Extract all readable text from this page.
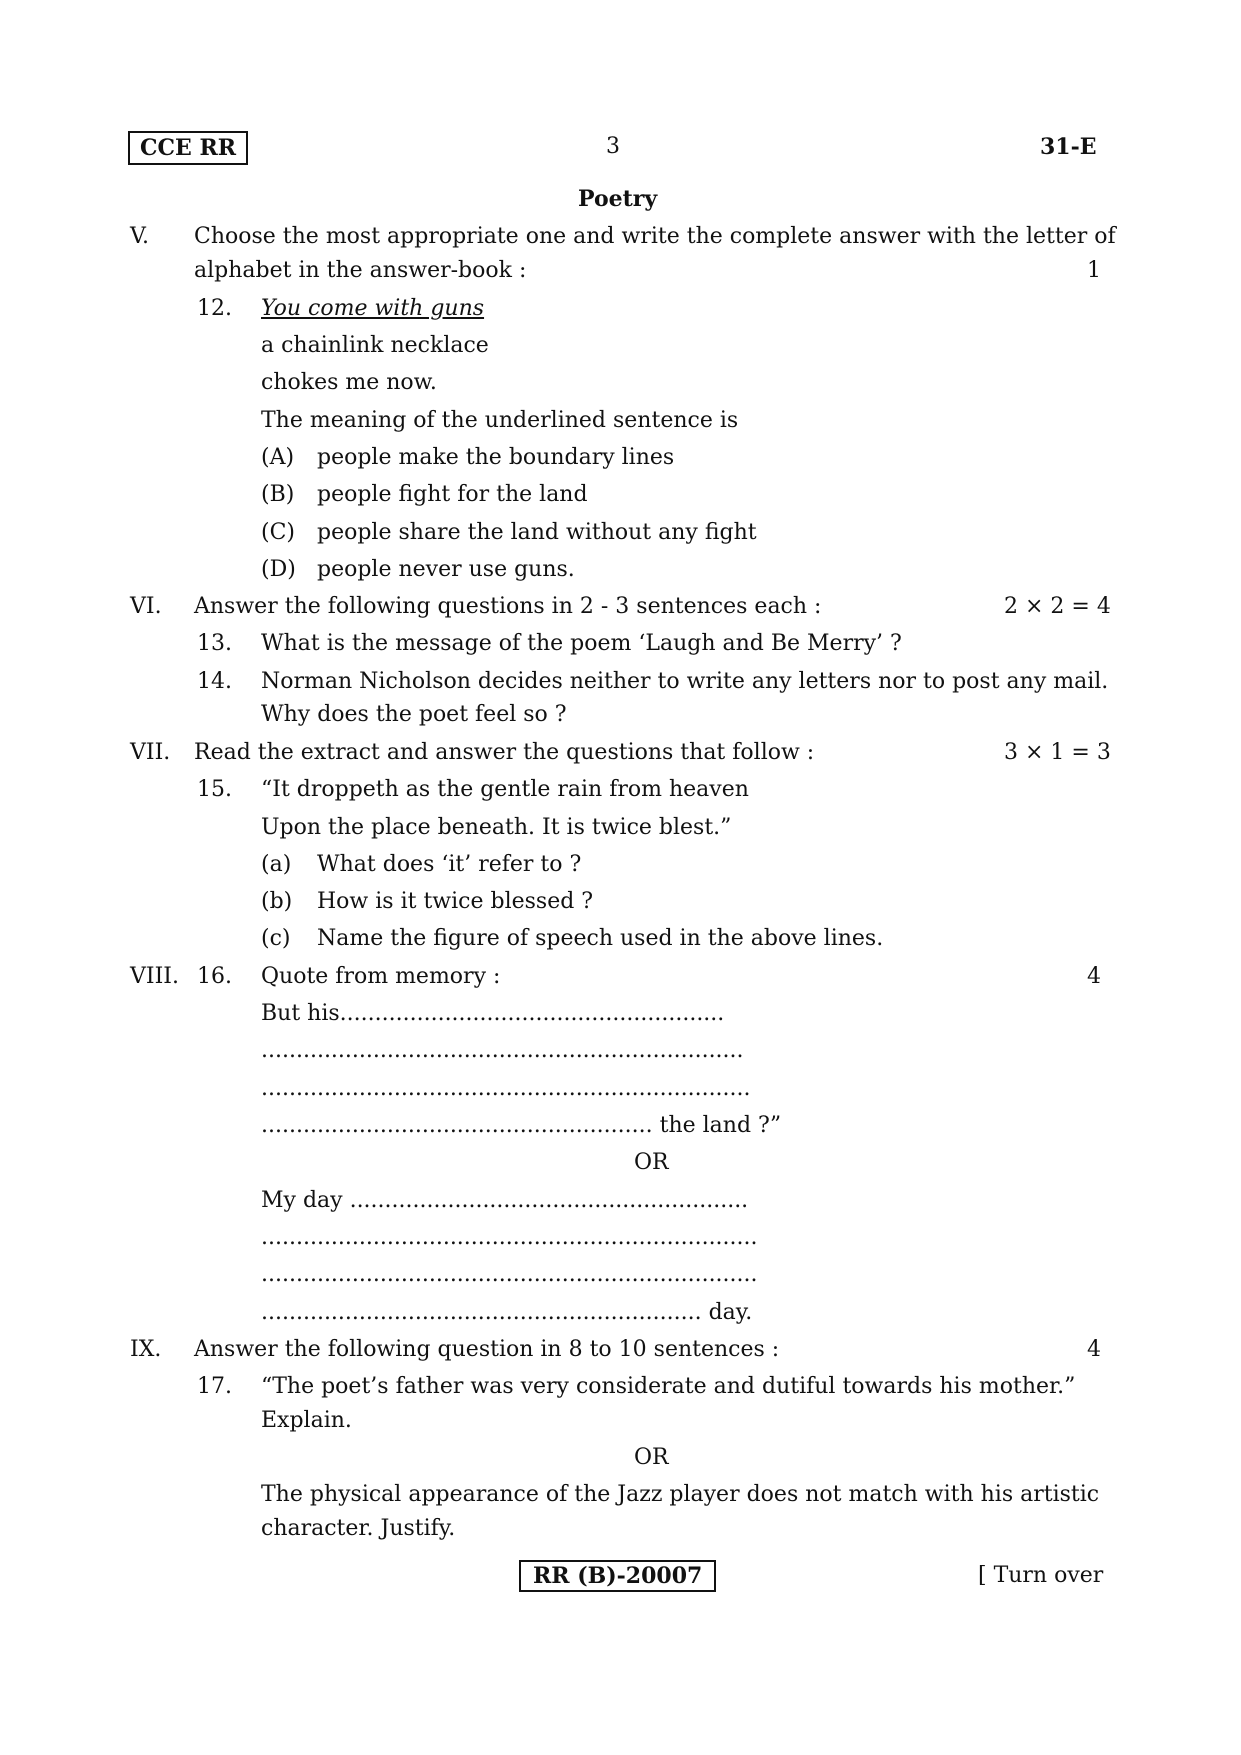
CCE RR	3	31-E
Poetry
V. Choose the most appropriate one and write the complete answer with the letter of
alphabet in the answer-book :	1
12. You come with guns
a chainlink necklace
chokes me now.
The meaning of the underlined sentence is
(A) people make the boundary lines
(B) people fight for the land
(C) people share the land without any fight
(D) people never use guns.
VI. Answer the following questions in 2 - 3 sentences each :	2 × 2 = 4
13. What is the message of the poem ‘Laugh and Be Merry’ ?
14. Norman Nicholson decides neither to write any letters nor to post any mail.
Why does the poet feel so ?
VII. Read the extract and answer the questions that follow :	3 × 1 = 3
15. “It droppeth as the gentle rain from heaven
Upon the place beneath. It is twice blest.”
(a) What does ‘it’ refer to ?
(b) How is it twice blessed ?
(c) Name the figure of speech used in the above lines.
VIII. 16. Quote from memory :	4
But his.......................................................
.....................................................................
......................................................................
........................................................ the land ?”
OR
My day .........................................................
.......................................................................
.......................................................................
............................................................... day.
IX. Answer the following question in 8 to 10 sentences :	4
17. “The poet’s father was very considerate and dutiful towards his mother.”
Explain.
OR
The physical appearance of the Jazz player does not match with his artistic
character. Justify.
RR (B)-20007	[ Turn over
